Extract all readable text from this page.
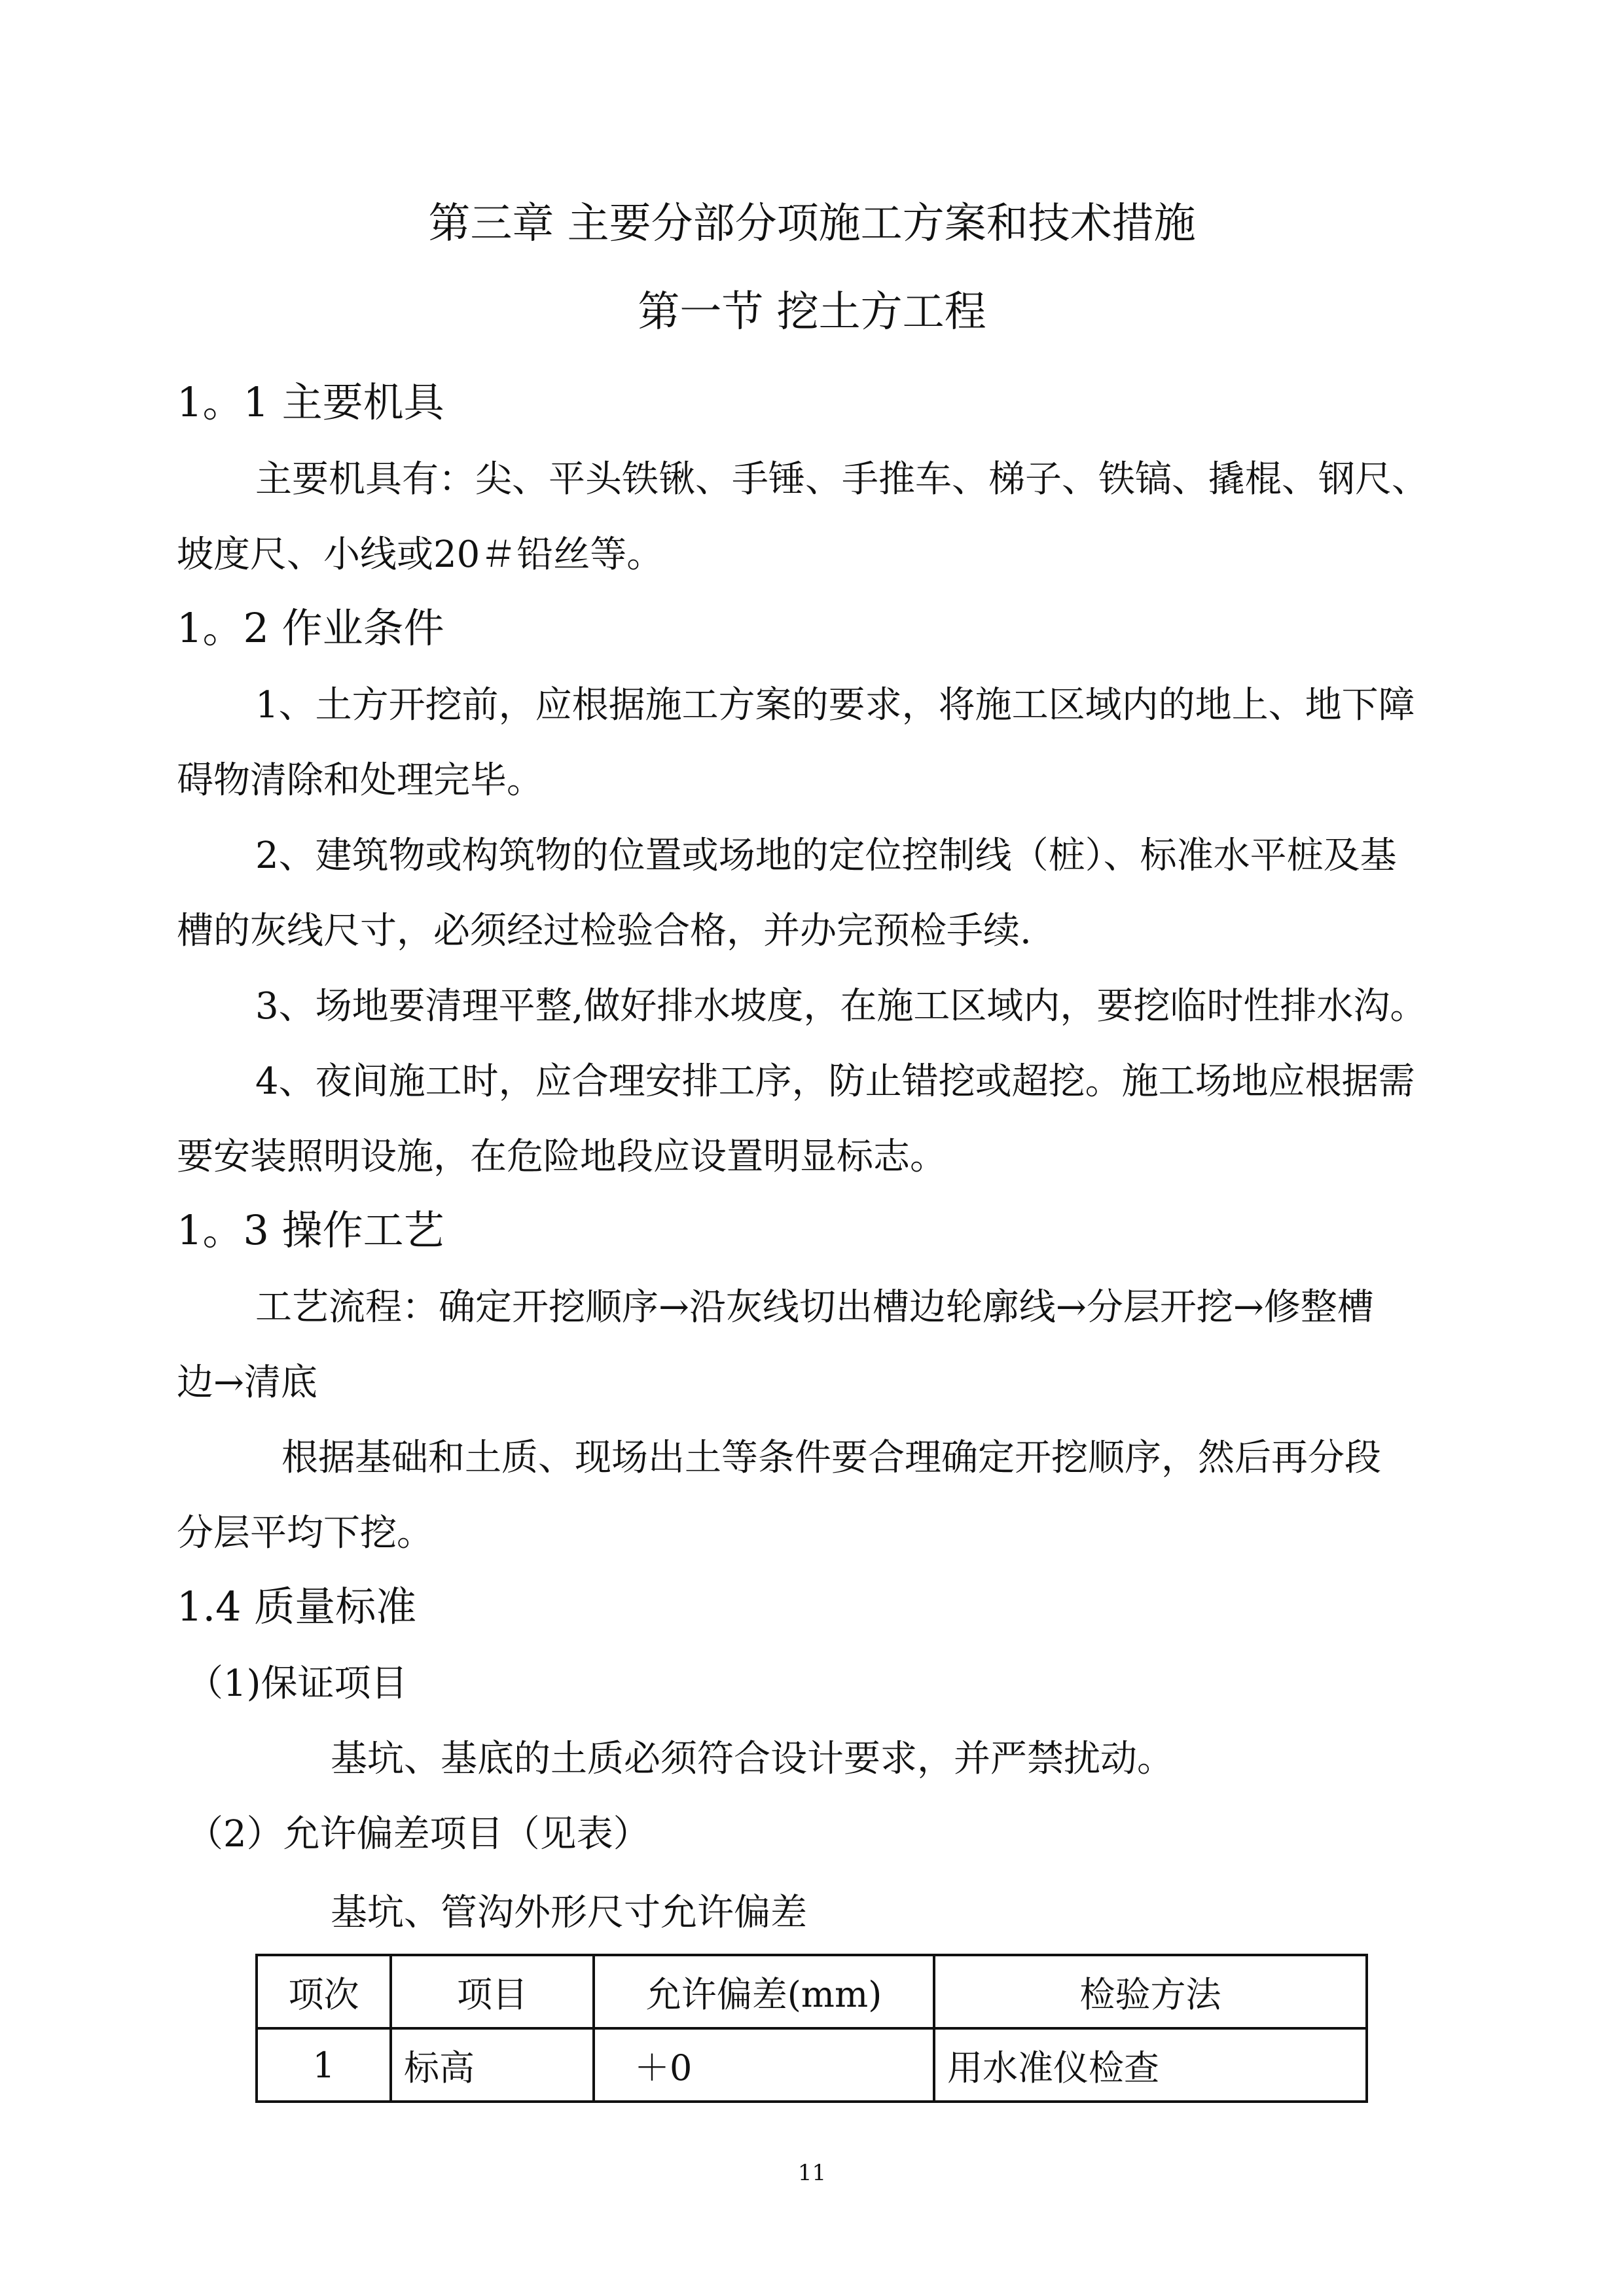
第三章 主要分部分项施工方案和技术措施
第一节 挖土方工程
1。1 主要机具
主要机具有：尖、平头铁锹、手锤、手推车、梯子、铁镐、撬棍、钢尺、
坡度尺、小线或20＃铅丝等。
1。2 作业条件
1、土方开挖前，应根据施工方案的要求，将施工区域内的地上、地下障
碍物清除和处理完毕。
2、建筑物或构筑物的位置或场地的定位控制线（桩）、标准水平桩及基
槽的灰线尺寸，必须经过检验合格，并办完预检手续.
3、场地要清理平整,做好排水坡度，在施工区域内，要挖临时性排水沟。
4、夜间施工时，应合理安排工序，防止错挖或超挖。施工场地应根据需
要安装照明设施，在危险地段应设置明显标志。
1。3 操作工艺
工艺流程：确定开挖顺序→沿灰线切出槽边轮廓线→分层开挖→修整槽
边→清底
根据基础和土质、现场出土等条件要合理确定开挖顺序，然后再分段
分层平均下挖。
1.4 质量标准
（1)保证项目
基坑、基底的土质必须符合设计要求，并严禁扰动。
（2）允许偏差项目（见表）
基坑、管沟外形尺寸允许偏差
项次	项目	允许偏差(mm)	检验方法
1	标高	＋0	用水准仪检查
11
